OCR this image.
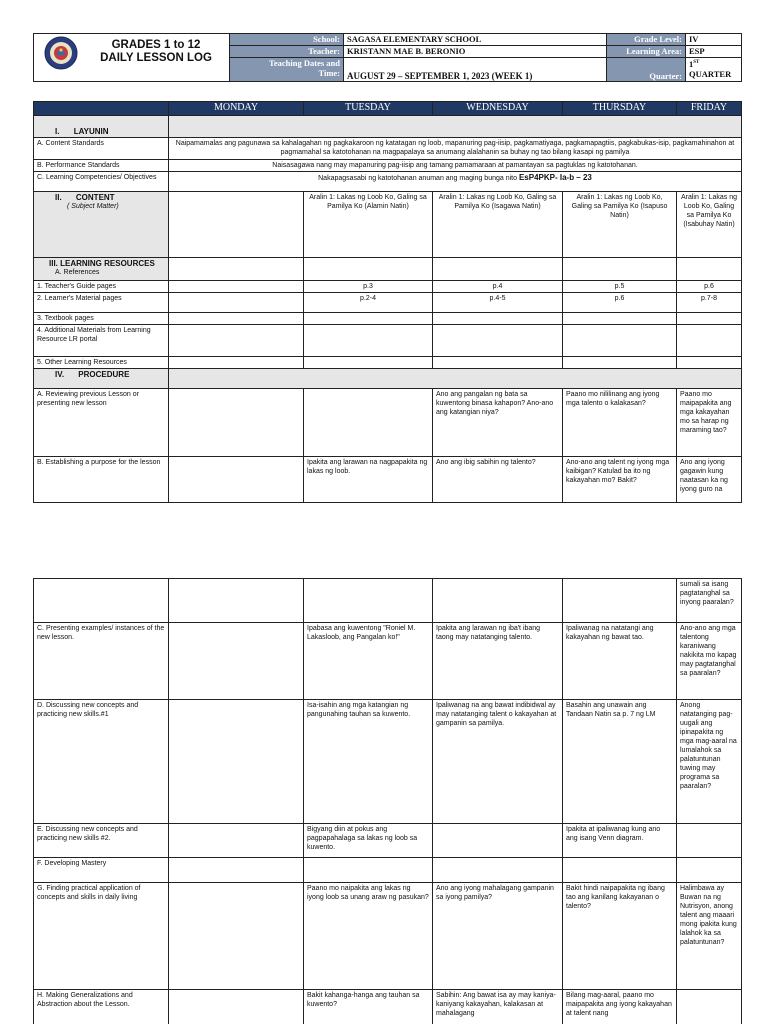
GRADES 1 to 12
DAILY LESSON LOG	School:	SAGASA ELEMENTARY SCHOOL	Grade Level:	IV
	Teacher:	KRISTANN MAE B. BERONIO	Learning Area:	ESP

	Teaching Dates and
Time:	AUGUST 29 – SEPTEMBER 1, 2023 (WEEK 1)	Quarter:	1ST
QUARTER
	MONDAY	TUESDAY	WEDNESDAY	THURSDAY	FRIDAY

I. LAYUNIN					
A. Content Standards	Naipamamalas ang pagunawa sa kahalagahan ng pagkakaroon ng katatagan ng loob, mapanuring pag-iisip, pagkamatiyaga, pagkamapagtiis, pagkabukas-isip, pagkamahinahon at pagmamahal sa katotohanan na magpapalaya sa anumang alalahanin sa buhay ng tao bilang kasapi ng pamilya				
B. Performance Standards	Naisasagawa nang may mapanuring pag-iisip ang tamang pamamaraan at pamantayan sa pagtuklas ng katotohanan.				
C. Learning Competencies/ Objectives	Nakapagsasabi ng katotohanan anuman ang maging bunga nito EsP4PKP- Ia-b – 23				

II. CONTENT
( Subject Matter)		Aralin 1: Lakas ng Loob Ko, Galing sa Pamilya Ko (Alamin Natin)	Aralin 1: Lakas ng Loob Ko, Galing sa Pamilya Ko (Isagawa Natin)	Aralin 1: Lakas ng Loob Ko, Galing sa Pamilya Ko (Isapuso Natin)	Aralin 1: Lakas ng Loob Ko, Galing sa Pamilya Ko (Isabuhay Natin)

III. LEARNING RESOURCES
A. References					

1. Teacher's Guide pages		p.3	p.4	p.5	p.6
2. Learner's Material pages		p.2-4	p.4-5	p.6	p.7-8
3. Textbook pages					
4. Additional Materials from Learning Resource LR portal					
5. Other Learning Resources					
IV. PROCEDURE					
A. Reviewing previous Lesson or presenting new lesson			Ano ang pangalan ng bata sa kuwentong binasa kahapon? Ano-ano ang katangian niya?	Paano mo nililinang ang iyong mga talento o kalakasan?	Paano mo maipapakita ang mga kakayahan mo sa harap ng maraming tao?
B. Establishing a purpose for the lesson		Ipakita ang larawan na nagpapakita ng lakas ng loob.	Ano ang ibig sabihin ng talento?	Ano-ano ang talent ng iyong mga kaibigan? Katulad ba ito ng kakayahan mo? Bakit?	Ano ang iyong gagawin kung naatasan ka ng iyong guro na
					sumali sa isang pagtatanghal sa inyong paaralan?
C. Presenting examples/ instances of the new lesson.		Ipabasa ang kuwentong "Roniel M. Lakasloob, ang Pangalan ko!"	Ipakita ang larawan ng iba't ibang taong may natatanging talento.	Ipaliwanag na natatangi ang kakayahan ng bawat tao.	Ano-ano ang mga talentong karaniwang nakikita mo kapag may pagtatanghal sa paaralan?
D. Discussing new concepts and practicing new skills.#1		Isa-isahin ang mga katangian ng pangunahing tauhan sa kuwento.	Ipaliwanag na ang bawat indibidwal ay may natatanging talent o kakayahan at gampanin sa pamilya.	Basahin ang unawain ang Tandaan Natin sa p. 7 ng LM	Anong natatanging pag-uugali ang ipinapakita ng mga mag-aaral na lumalahok sa palatuntunan tuwing may programa sa paaralan?
E. Discussing new concepts and practicing new skills #2.		Bigyang diin at pokus ang pagpapahalaga sa lakas ng loob sa kuwento.		Ipakita at ipaliwanag kung ano ang isang Venn diagram.	
F. Developing Mastery					
G. Finding practical application of concepts and skills in daily living		Paano mo naipakita ang lakas ng iyong loob sa unang araw ng pasukan?	Ano ang iyong mahalagang gampanin sa iyong pamilya?	Bakit hindi naipapakita ng ibang tao ang kanilang kakayanan o talento?	Halimbawa ay Buwan na ng Nutrisyon, anong talent ang maaari mong ipakita kung lalahok ka sa palatuntunan?
H. Making Generalizations and Abstraction about the Lesson.		Bakit kahanga-hanga ang tauhan sa kuwento?	Sabihin: Ang bawat isa ay may kaniya-kaniyang kakayahan, kalakasan at mahalagang	Bilang mag-aaral, paano mo maipapakita ang iyong kakayahan at talent nang	
